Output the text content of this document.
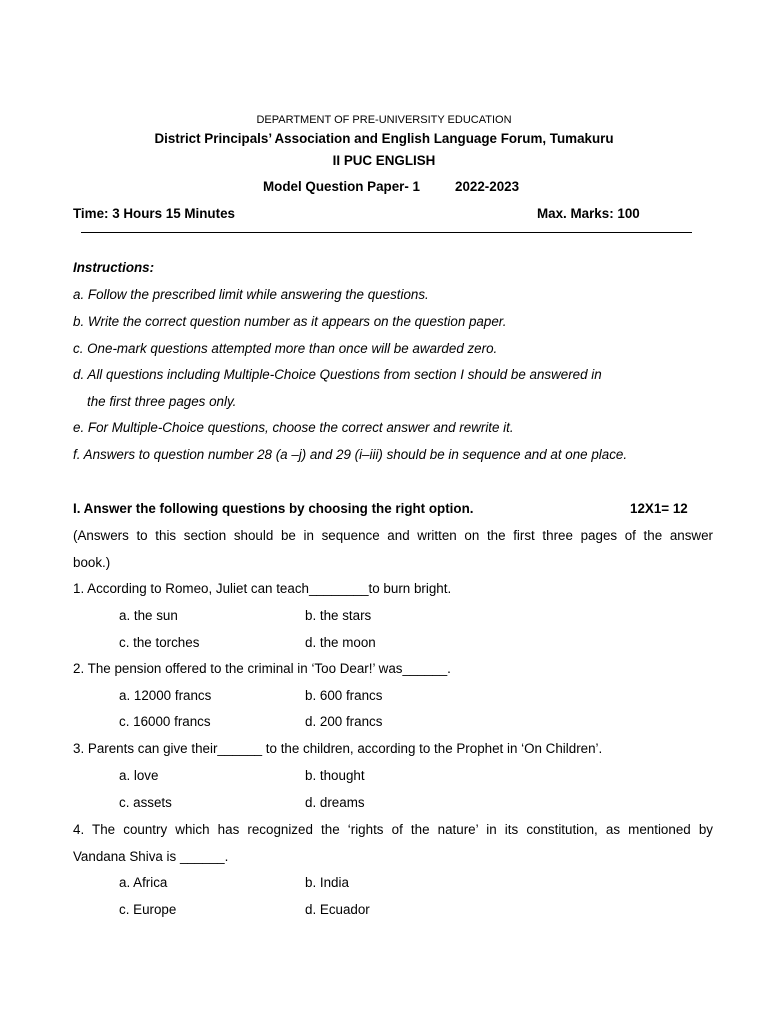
DEPARTMENT OF PRE-UNIVERSITY EDUCATION
District Principals’ Association and English Language Forum, Tumakuru
II PUC ENGLISH
Model Question Paper- 1	2022-2023
Time: 3 Hours 15 Minutes	Max. Marks: 100
Instructions:
a. Follow the prescribed limit while answering the questions.
b. Write the correct question number as it appears on the question paper.
c. One-mark questions attempted more than once will be awarded zero.
d. All questions including Multiple-Choice Questions from section I should be answered in
the first three pages only.
e. For Multiple-Choice questions, choose the correct answer and rewrite it.
f. Answers to question number 28 (a –j) and 29 (i–iii) should be in sequence and at one place.
I. Answer the following questions by choosing the right option.	12X1= 12
(Answers to this section should be in sequence and written on the first three pages of the answer
book.)
1. According to Romeo, Juliet can teach________to burn bright.
a. the sun	b. the stars
c. the torches	d. the moon
2. The pension offered to the criminal in ‘Too Dear!’ was______.
a. 12000 francs	b. 600 francs
c. 16000 francs	d. 200 francs
3. Parents can give their______ to the children, according to the Prophet in ‘On Children’.
a. love	b. thought
c. assets	d. dreams
4. The country which has recognized the ‘rights of the nature’ in its constitution, as mentioned by
Vandana Shiva is ______.
a. Africa	b. India
c. Europe	d. Ecuador
